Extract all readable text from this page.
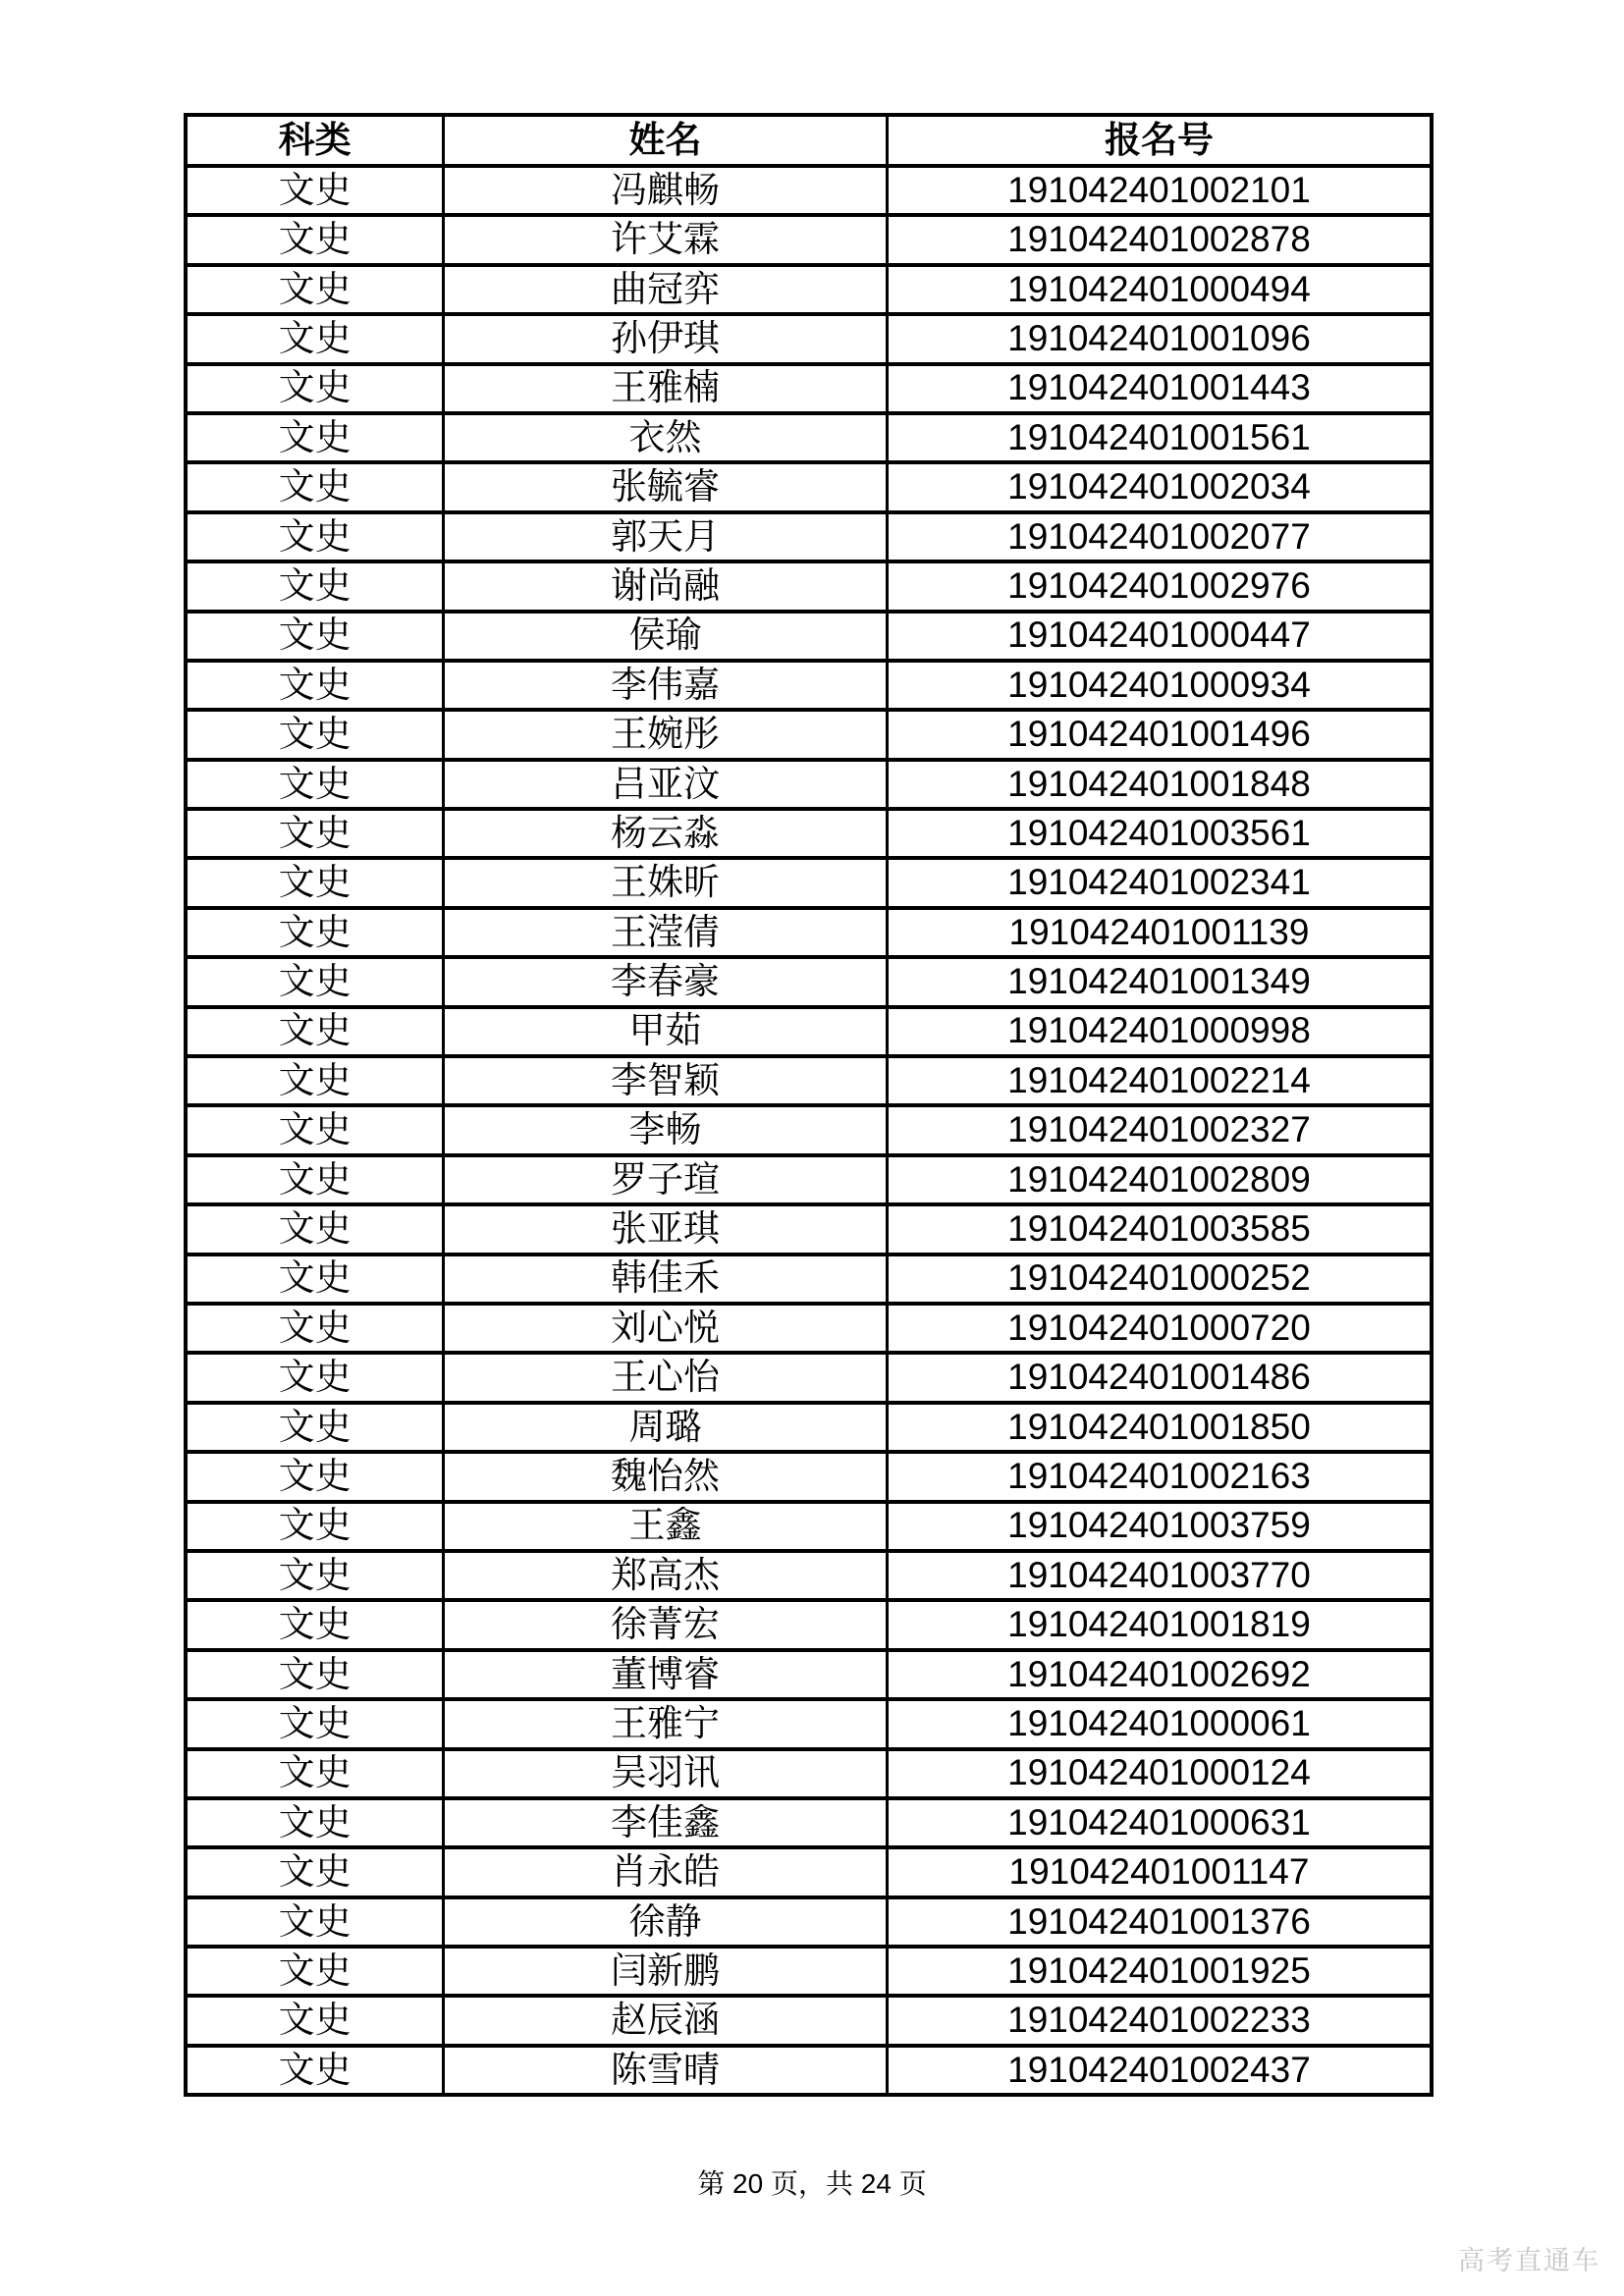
科类	姓名	报名号
文史	冯麒畅	191042401002101
文史	许艾霖	191042401002878
文史	曲冠弈	191042401000494
文史	孙伊琪	191042401001096
文史	王雅楠	191042401001443
文史	衣然	191042401001561
文史	张毓睿	191042401002034
文史	郭天月	191042401002077
文史	谢尚融	191042401002976
文史	侯瑜	191042401000447
文史	李伟嘉	191042401000934
文史	王婉彤	191042401001496
文史	吕亚汶	191042401001848
文史	杨云淼	191042401003561
文史	王姝昕	191042401002341
文史	王滢倩	191042401001139
文史	李春豪	191042401001349
文史	甲茹	191042401000998
文史	李智颖	191042401002214
文史	李畅	191042401002327
文史	罗子瑄	191042401002809
文史	张亚琪	191042401003585
文史	韩佳禾	191042401000252
文史	刘心悦	191042401000720
文史	王心怡	191042401001486
文史	周璐	191042401001850
文史	魏怡然	191042401002163
文史	王鑫	191042401003759
文史	郑高杰	191042401003770
文史	徐菁宏	191042401001819
文史	董博睿	191042401002692
文史	王雅宁	191042401000061
文史	吴羽讯	191042401000124
文史	李佳鑫	191042401000631
文史	肖永皓	191042401001147
文史	徐静	191042401001376
文史	闫新鹏	191042401001925
文史	赵辰涵	191042401002233
文史	陈雪晴	191042401002437
第 20 页，共 24 页
高考直通车
